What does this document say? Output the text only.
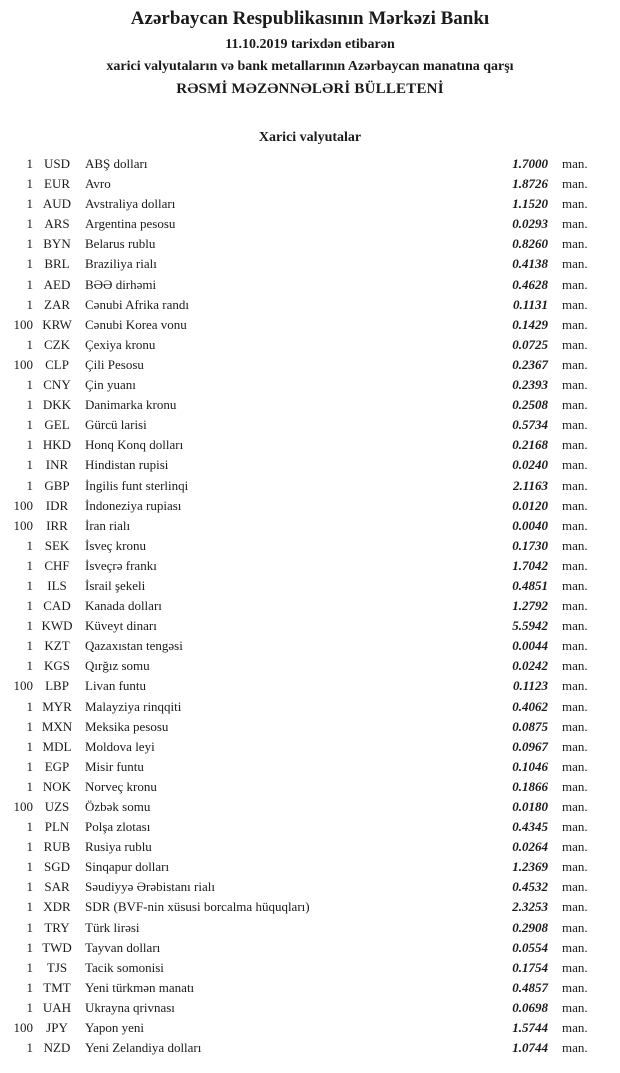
Azərbaycan Respublikasının Mərkəzi Bankı

11.10.2019 tarixdən etibarən

xarici valyutaların və bank metallarının Azərbaycan manatına qarşı

RƏSMİ MƏZƏNNƏLƏRİ BÜLLETENİ

Xarici valyutalar
1 USD	ABŞ dolları	1.7000	man.
1 EUR	Avro	1.8726	man.
1 AUD	Avstraliya dolları	1.1520	man.
1 ARS	Argentina pesosu	0.0293	man.
1 BYN	Belarus rublu	0.8260	man.
1 BRL	Braziliya rialı	0.4138	man.
1 AED	BƏƏ dirhəmi	0.4628	man.
1 ZAR	Cənubi Afrika randı	0.1131	man.
100 KRW	Cənubi Korea vonu	0.1429	man.
1 CZK	Çexiya kronu	0.0725	man.
100 CLP	Çili Pesosu	0.2367	man.
1 CNY	Çin yuanı	0.2393	man.
1 DKK	Danimarka kronu	0.2508	man.
1 GEL	Gürcü larisi	0.5734	man.
1 HKD	Honq Konq dolları	0.2168	man.
1 INR	Hindistan rupisi	0.0240	man.
1 GBP	İngilis funt sterlinqi	2.1163	man.
100 IDR	İndoneziya rupiası	0.0120	man.
100	IRR	İran rialı	0.0040	man.
1 SEK	İsveç kronu	0.1730	man.
1 CHF	İsveçrə frankı	1.7042	man.
1	ILS	İsrail şekeli	0.4851	man.
1 CAD	Kanada dolları	1.2792	man.
1 KWD Küveyt dinarı	5.5942	man.
1 KZT	Qazaxıstan tengəsi	0.0044	man.
1 KGS	Qırğız somu	0.0242	man.
100 LBP	Livan funtu	0.1123	man.
1 MYR	Malayziya rinqqiti	0.4062	man.
1 MXN Meksika pesosu	0.0875	man.
1 MDL	Moldova leyi	0.0967	man.
1 EGP	Misir funtu	0.1046	man.
1 NOK	Norveç kronu	0.1866	man.
100 UZS	Özbək somu	0.0180	man.
1 PLN	Polşa zlotası	0.4345	man.
1 RUB	Rusiya rublu	0.0264	man.
1 SGD	Sinqapur dolları	1.2369	man.
1 SAR	Səudiyyə Ərəbistanı rialı	0.4532	man.
1 XDR	SDR (BVF-nin xüsusi borcalma hüquqları)	2.3253	man.
1 TRY	Türk lirəsi	0.2908	man.
1 TWD	Tayvan dolları	0.0554	man.
1	TJS	Tacik somonisi	0.1754	man.
1 TMT	Yeni türkmən manatı	0.4857	man.
1 UAH	Ukrayna qrivnası	0.0698	man.
100	JPY	Yapon yeni	1.5744	man.
1 NZD	Yeni Zelandiya dolları	1.0744	man.
